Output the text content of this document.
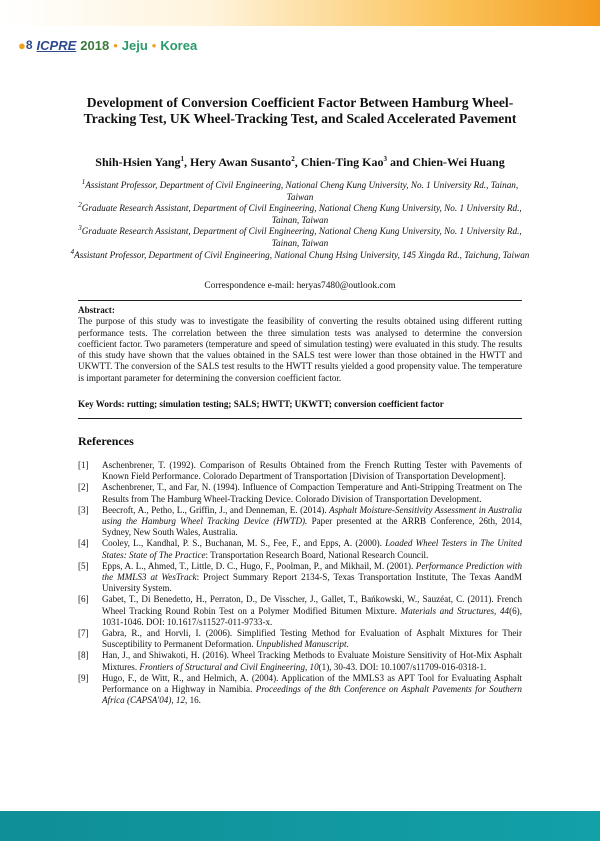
● 8 ICPRE 2018 • Jeju • Korea
Development of Conversion Coefficient Factor Between Hamburg Wheel-Tracking Test, UK Wheel-Tracking Test, and Scaled Accelerated Pavement
Shih-Hsien Yang$^1$, Hery Awan Susanto$^2$, Chien-Ting Kao$^3$ and Chien-Wei Huang

$^1$Assistant Professor, Department of Civil Engineering, National Cheng Kung University, No. 1 University Rd., Tainan, Taiwan

$^2$Graduate Research Assistant, Department of Civil Engineering, National Cheng Kung University, No. 1 University Rd., Tainan, Taiwan

$^3$Graduate Research Assistant, Department of Civil Engineering, National Cheng Kung University, No. 1 University Rd., Tainan, Taiwan

$^4$Assistant Professor, Department of Civil Engineering, National Chung Hsing University, 145 Xingda Rd., Taichung, Taiwan

Correspondence e-mail: heryas7480@outlook.com
Abstract:
The purpose of this study was to investigate the feasibility of converting the results obtained using different rutting performance tests. The correlation between the three simulation tests was analysed to determine the conversion coefficient factor. Two parameters (temperature and speed of simulation testing) were evaluated in this study. The results of this study have shown that the values obtained in the SALS test were lower than those obtained in the HWTT and UKWTT. The conversion of the SALS test results to the HWTT results yielded a good propensity value. The temperature is important parameter for determining the conversion coefficient factor.
Key Words: rutting; simulation testing; SALS; HWTT; UKWTT; conversion coefficient factor
References
[1]	Aschenbrener, T. (1992). Comparison of Results Obtained from the French Rutting Tester with Pavements of Known Field Performance. Colorado Department of Transportation [Division of Transportation Development].
[2]	Aschenbrener, T., and Far, N. (1994). Influence of Compaction Temperature and Anti-Stripping Treatment on The Results from The Hamburg Wheel-Tracking Device. Colorado Division of Transportation Development.
[3]	Beecroft, A., Petho, L., Griffin, J., and Denneman, E. (2014). Asphalt Moisture-Sensitivity Assessment in Australia using the Hamburg Wheel Tracking Device (HWTD). Paper presented at the ARRB Conference, 26th, 2014, Sydney, New South Wales, Australia.
[4]	Cooley, L., Kandhal, P. S., Buchanan, M. S., Fee, F., and Epps, A. (2000). Loaded Wheel Testers in The United States: State of The Practice: Transportation Research Board, National Research Council.
[5]	Epps, A. L., Ahmed, T., Little, D. C., Hugo, F., Poolman, P., and Mikhail, M. (2001). Performance Prediction with the MMLS3 at WesTrack: Project Summary Report 2134-S, Texas Transportation Institute, The Texas AandM University System.
[6]	Gabet, T., Di Benedetto, H., Perraton, D., De Visscher, J., Gallet, T., Bańkowski, W., Sauzéat, C. (2011). French Wheel Tracking Round Robin Test on a Polymer Modified Bitumen Mixture. Materials and Structures, 44(6), 1031-1046. DOI: 10.1617/s11527-011-9733-x.
[7]	Gabra, R., and Horvli, I. (2006). Simplified Testing Method for Evaluation of Asphalt Mixtures for Their Susceptibility to Permanent Deformation. Unpublished Manuscript.
[8]	Han, J., and Shiwakoti, H. (2016). Wheel Tracking Methods to Evaluate Moisture Sensitivity of Hot-Mix Asphalt Mixtures. Frontiers of Structural and Civil Engineering, 10(1), 30-43. DOI: 10.1007/s11709-016-0318-1.
[9]	Hugo, F., de Witt, R., and Helmich, A. (2004). Application of the MMLS3 as APT Tool for Evaluating Asphalt Performance on a Highway in Namibia. Proceedings of the 8th Conference on Asphalt Pavements for Southern Africa (CAPSA'04), 12, 16.
